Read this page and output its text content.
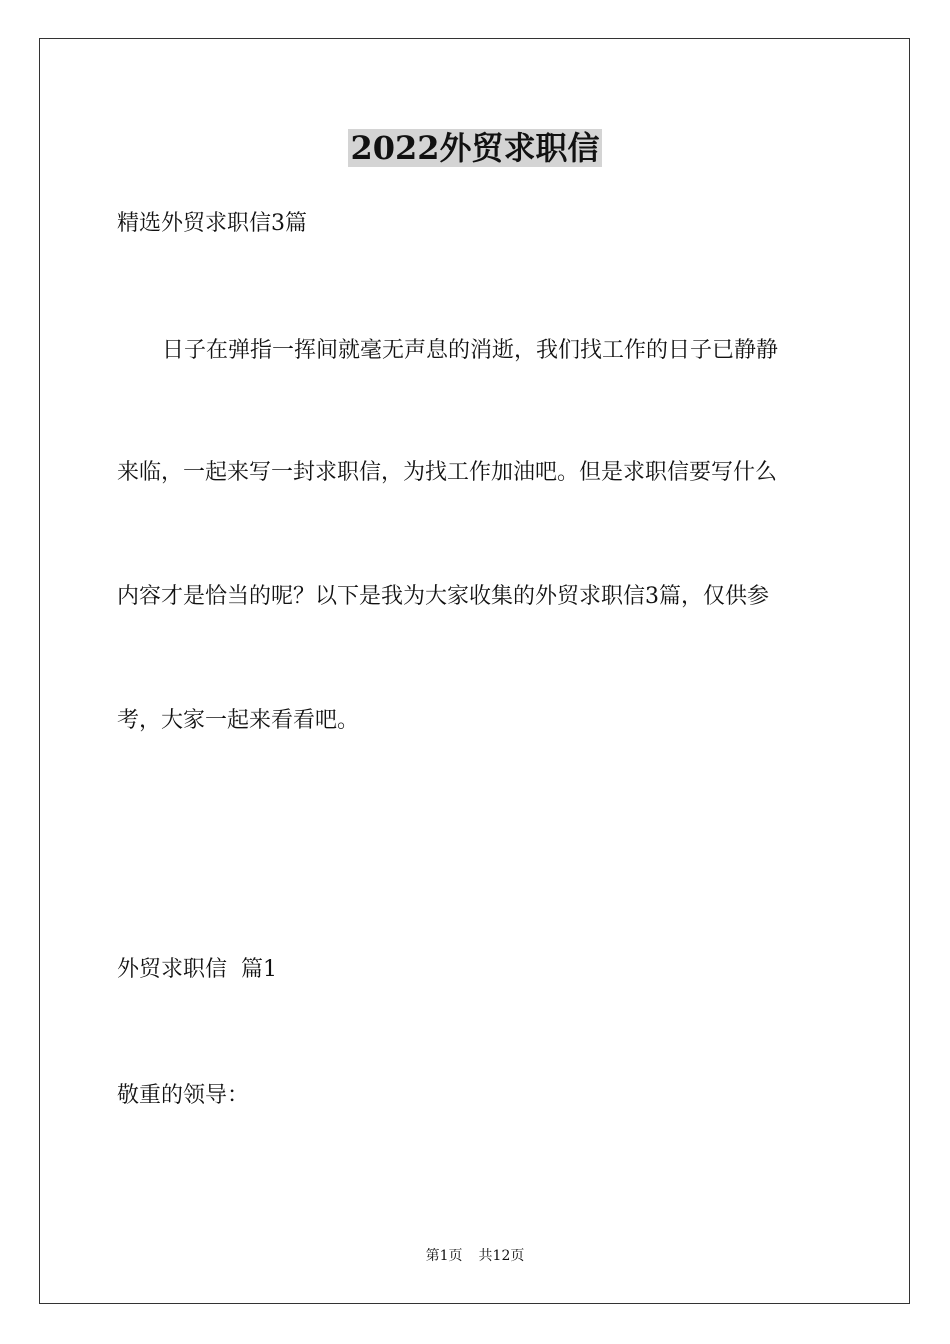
2022外贸求职信
精选外贸求职信3篇
日子在弹指一挥间就毫无声息的消逝，我们找工作的日子已静静
来临，一起来写一封求职信，为找工作加油吧。但是求职信要写什么
内容才是恰当的呢？以下是我为大家收集的外贸求职信3篇，仅供参
考，大家一起来看看吧。
外贸求职信  篇1
敬重的领导：
第1页 共12页
